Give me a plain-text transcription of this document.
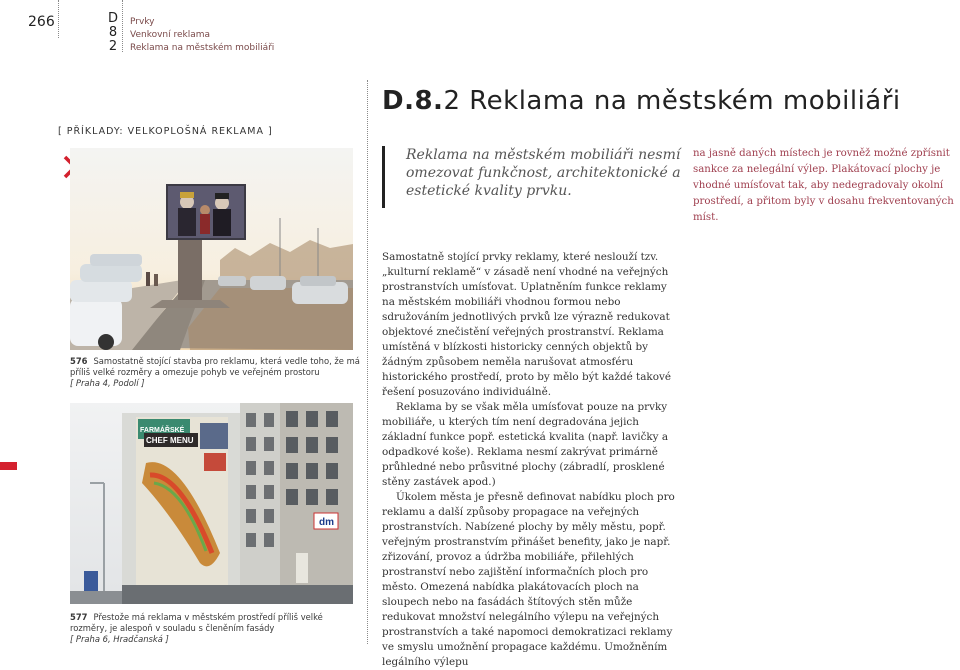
266	D
8
2
Prvky
Venkovní reklama
Reklama na městském mobiliáři
D.8.2 Reklama na městském mobiliáři
[ PŘÍKLADY: VELKOPLOŠNÁ REKLAMA ]
576 Samostatně stojící stavba pro reklamu, která vedle toho, že má příliš velké rozměry a omezuje pohyb ve veřejném prostoru
[ Praha 4, Podolí ]
FARMÁŘSKÉ
CHEF MENU
dm
577 Přestože má reklama v městském prostředí příliš velké rozměry, je alespoň v souladu s členěním fasády
[ Praha 6, Hradčanská ]
Reklama na městském mobiliáři nesmí omezovat funkčnost, architektonické a estetické kvality prvku.
na jasně daných místech je rovněž možné zpřísnit sankce za nelegální výlep. Plakátovací plochy je vhodné umísťovat tak, aby nedegradovaly okolní prostředí, a přitom byly v dosahu frekventovaných míst.

Samostatně stojící prvky reklamy, které neslouží tzv. „kulturní reklamě“ v zásadě není vhodné na veřejných prostranstvích umísťovat. Uplatněním funkce reklamy na městském mobiliáři vhodnou formou nebo sdružováním jednotlivých prvků lze výrazně redukovat objektové znečistění veřejných prostranství. Reklama umístěná v blízkosti historicky cenných objektů by žádným způsobem neměla narušovat atmosféru historického prostředí, proto by mělo být každé takové řešení posuzováno individuálně.

Reklama by se však měla umísťovat pouze na prvky mobiliáře, u kterých tím není degradována jejich základní funkce popř. estetická kvalita (např. lavičky a odpadkové koše). Reklama nesmí zakrývat primárně průhledné nebo průsvitné plochy (zábradlí, prosklené stěny zastávek apod.)

Úkolem města je přesně definovat nabídku ploch pro reklamu a další způsoby propagace na veřejných prostranstvích. Nabízené plochy by měly městu, popř. veřejným prostranstvím přinášet benefity, jako je např. zřizování, provoz a údržba mobiliáře, přilehlých prostranství nebo zajištění informačních ploch pro město. Omezená nabídka plakátovacích ploch na sloupech nebo na fasádách štítových stěn může redukovat množství nelegálního výlepu na veřejných prostranstvích a také napomoci demokratizaci reklamy ve smyslu umožnění propagace každému. Umožněním legálního výlepu
